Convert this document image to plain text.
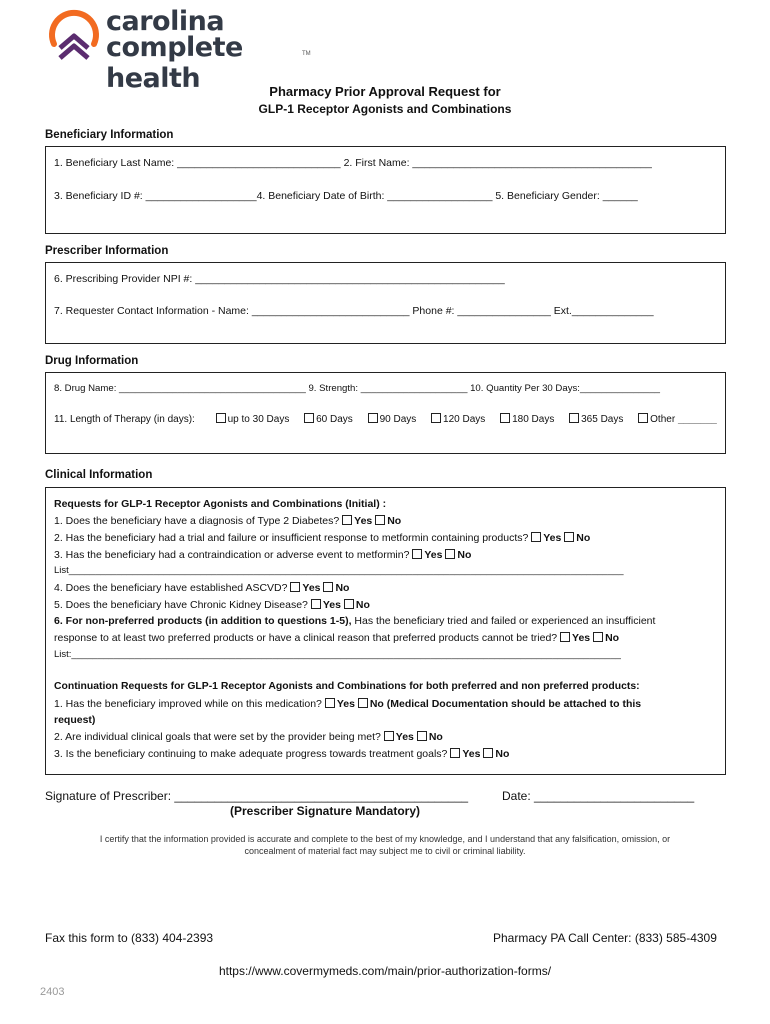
carolina
complete health
TM
Pharmacy Prior Approval Request for
GLP-1 Receptor Agonists and Combinations
Beneficiary Information
1. Beneficiary Last Name: ____________________________ 2. First Name: _________________________________________
3. Beneficiary ID #: ___________________4. Beneficiary Date of Birth: __________________ 5. Beneficiary Gender: ______
Prescriber Information
6. Prescribing Provider NPI #: _____________________________________________________
7. Requester Contact Information - Name: ___________________________ Phone #: ________________ Ext.______________
Drug Information
8. Drug Name: ___________________________________ 9. Strength: ____________________ 10. Quantity Per 30 Days:_______________
11. Length of Therapy (in days):	up to 30 Days	60 Days	90 Days	120 Days	180 Days	365 Days	Other _______
Clinical Information
Requests for GLP-1 Receptor Agonists and Combinations (Initial) :
1. Does the beneficiary have a diagnosis of Type 2 Diabetes? Yes No
2. Has the beneficiary had a trial and failure or insufficient response to metformin containing products? Yes No
3. Has the beneficiary had a contraindication or adverse event to metformin? Yes No
List_________________________________________________________________________________________________________
4. Does the beneficiary have established ASCVD? Yes No
5. Does the beneficiary have Chronic Kidney Disease? Yes No
6. For non-preferred products (in addition to questions 1-5), Has the beneficiary tried and failed or experienced an insufficient
response to at least two preferred products or have a clinical reason that preferred products cannot be tried? Yes No
List:________________________________________________________________________________________________________
Continuation Requests for GLP-1 Receptor Agonists and Combinations for both preferred and non preferred products:
1. Has the beneficiary improved while on this medication? Yes No (Medical Documentation should be attached to this
request)
2. Are individual clinical goals that were set by the provider being met? Yes No
3. Is the beneficiary continuing to make adequate progress towards treatment goals? Yes No
Signature of Prescriber: ____________________________________________	Date: ________________________
(Prescriber Signature Mandatory)
I certify that the information provided is accurate and complete to the best of my knowledge, and I understand that any falsification, omission, or
concealment of material fact may subject me to civil or criminal liability.
Fax this form to (833) 404-2393	Pharmacy PA Call Center: (833) 585-4309
https://www.covermymeds.com/main/prior-authorization-forms/
2403
